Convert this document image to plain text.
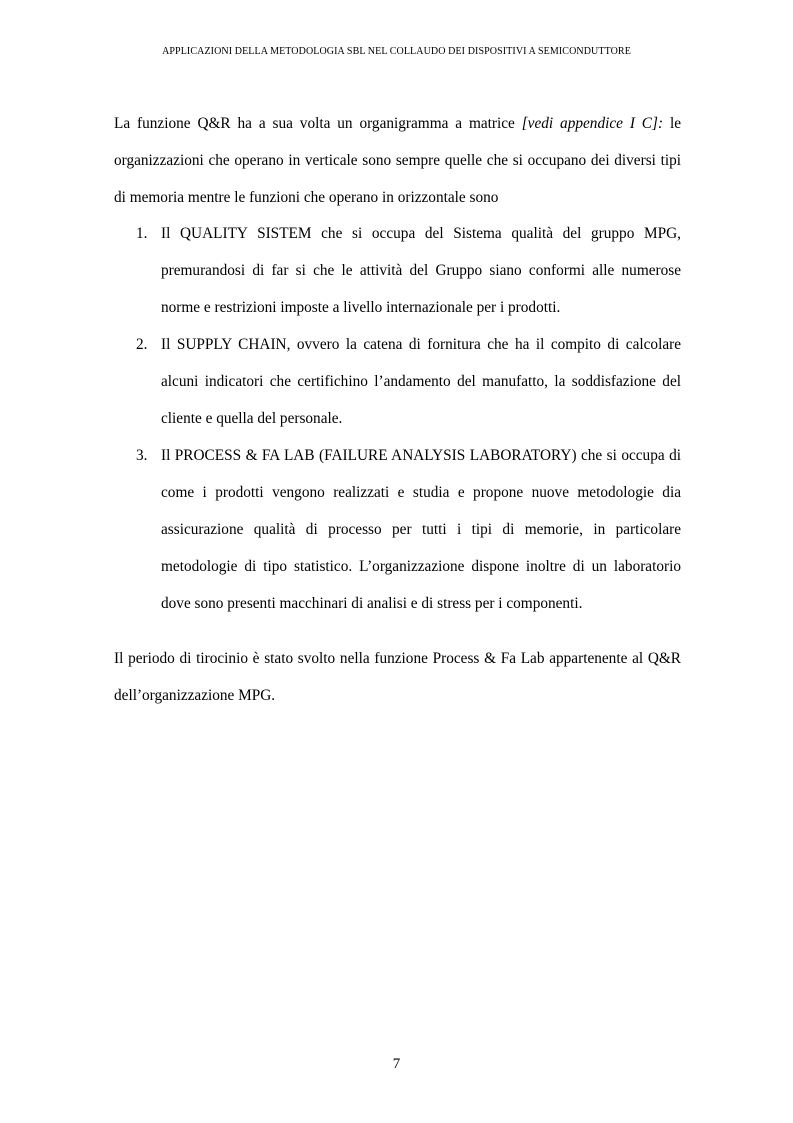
APPLICAZIONI DELLA METODOLOGIA SBL NEL COLLAUDO DEI DISPOSITIVI A SEMICONDUTTORE

La funzione Q&R ha a sua volta un organigramma a matrice [vedi appendice I C]: le organizzazioni che operano in verticale sono sempre quelle che si occupano dei diversi tipi di memoria mentre le funzioni che operano in orizzontale sono

1. Il QUALITY SISTEM che si occupa del Sistema qualità del gruppo MPG, premurandosi di far si che le attività del Gruppo siano conformi alle numerose norme e restrizioni imposte a livello internazionale per i prodotti.
2. Il SUPPLY CHAIN, ovvero la catena di fornitura che ha il compito di calcolare alcuni indicatori che certifichino l’andamento del manufatto, la soddisfazione del cliente e quella del personale.
3. Il PROCESS & FA LAB (FAILURE ANALYSIS LABORATORY) che si occupa di come i prodotti vengono realizzati e studia e propone nuove metodologie dia assicurazione qualità di processo per tutti i tipi di memorie, in particolare metodologie di tipo statistico. L’organizzazione dispone inoltre di un laboratorio dove sono presenti macchinari di analisi e di stress per i componenti.

Il periodo di tirocinio è stato svolto nella funzione Process & Fa Lab appartenente al Q&R dell’organizzazione MPG.

7
